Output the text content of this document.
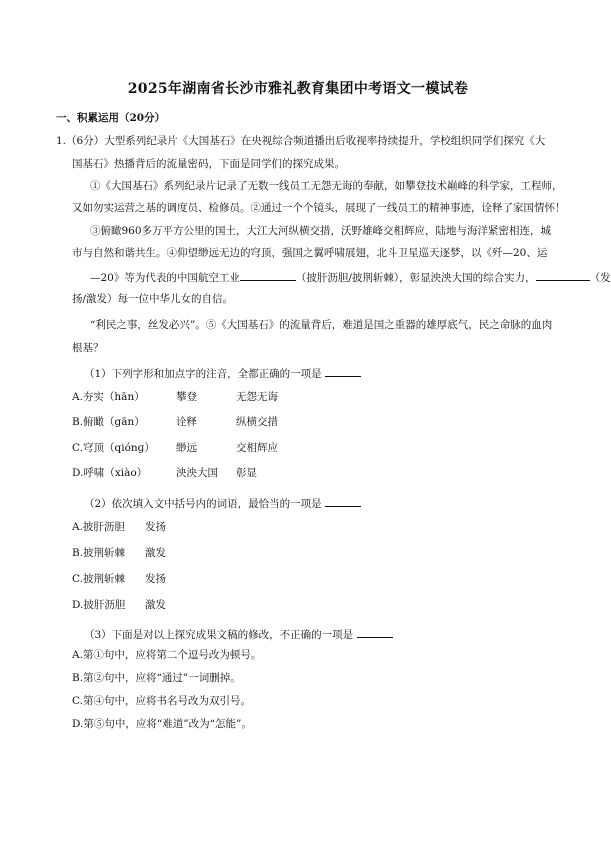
2025年湖南省长沙市雅礼教育集团中考语文一模试卷
一、积累运用（20分）
1.（6分）大型系列纪录片《大国基石》在央视综合频道播出后收视率持续提升，学校组织同学们探究《大
国基石》热播背后的流量密码，下面是同学们的探究成果。
①《大国基石》系列纪录片记录了无数一线员工无怨无诲的奉献，如攀登技术巅峰的科学家，工程师，
又如勿实运营之基的调度员、检修员。②通过一个个镜头，展现了一线员工的精神事迹，诠释了家国情怀！
③俯瞰960多万平方公里的国土，大江大河纵横交措，沃野雄峰交相辉应，陆地与海洋紧密相连，城
市与自然和谐共生。④仰望缈远无边的穹顶，强国之翼呼啸展翅，北斗卫星巡天逐梦，以《歼—20、运
—20》等为代表的中国航空工业	（披肝沥胆/披荆斩棘），彰显泱泱大国的综合实力，	（发
扬/激发）每一位中华儿女的自信。
“利民之事，丝发必兴”。⑤《大国基石》的流量背后，难道是国之重器的雄厚底气，民之命脉的血肉
根基？
（1）下列字形和加点字的注音，全都正确的一项是
A.夯实（hān）	攀登	无怨无诲
B.俯瞰（gān）	诠释	纵横交措
C.穹顶（qiónɡ） 缈远	交相辉应
D.呼啸（xiào）	泱泱大国 彰显
（2）依次填入文中括号内的词语，最恰当的一项是
A.披肝沥胆 发扬
B.披荆斩棘 激发
C.披荆斩棘 发扬
D.披肝沥胆 激发
（3）下面是对以上探究成果文稿的修改，不正确的一项是
A.第①句中，应将第二个逗号改为顿号。
B.第②句中，应将“通过”一词删掉。
C.第④句中，应将书名号改为双引号。
D.第⑤句中，应将“难道”改为“怎能”。
